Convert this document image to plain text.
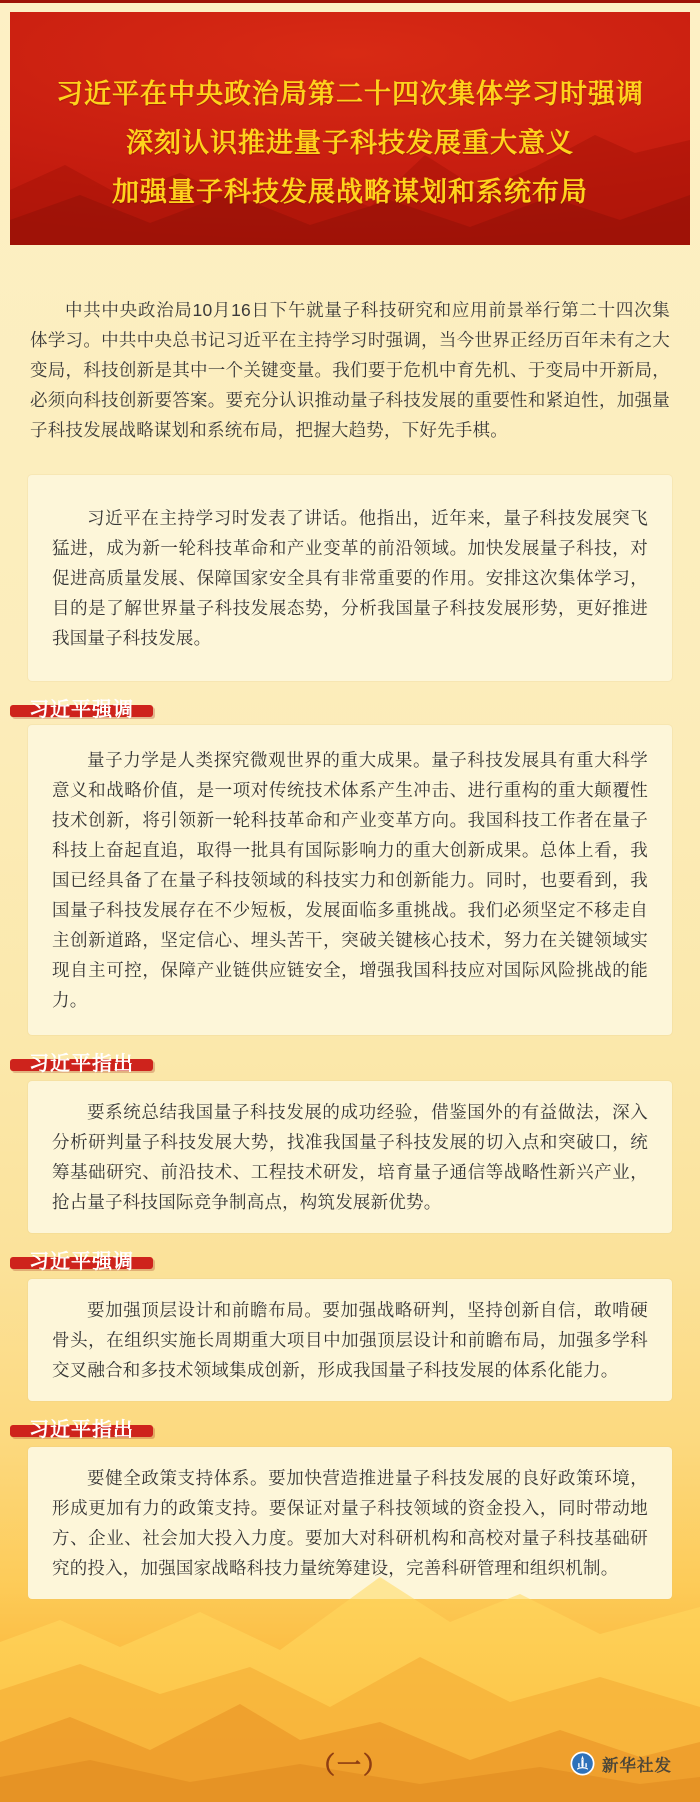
习近平在中央政治局第二十四次集体学习时强调
深刻认识推进量子科技发展重大意义
加强量子科技发展战略谋划和系统布局

中共中央政治局10月16日下午就量子科技研究和应用前景举行第二十四次集体学习。中共中央总书记习近平在主持学习时强调，当今世界正经历百年未有之大变局，科技创新是其中一个关键变量。我们要于危机中育先机、于变局中开新局，必须向科技创新要答案。要充分认识推动量子科技发展的重要性和紧迫性，加强量子科技发展战略谋划和系统布局，把握大趋势，下好先手棋。

习近平在主持学习时发表了讲话。他指出，近年来，量子科技发展突飞猛进，成为新一轮科技革命和产业变革的前沿领域。加快发展量子科技，对促进高质量发展、保障国家安全具有非常重要的作用。安排这次集体学习，目的是了解世界量子科技发展态势，分析我国量子科技发展形势，更好推进我国量子科技发展。

习近平强调

量子力学是人类探究微观世界的重大成果。量子科技发展具有重大科学意义和战略价值，是一项对传统技术体系产生冲击、进行重构的重大颠覆性技术创新，将引领新一轮科技革命和产业变革方向。我国科技工作者在量子科技上奋起直追，取得一批具有国际影响力的重大创新成果。总体上看，我国已经具备了在量子科技领域的科技实力和创新能力。同时，也要看到，我国量子科技发展存在不少短板，发展面临多重挑战。我们必须坚定不移走自主创新道路，坚定信心、埋头苦干，突破关键核心技术，努力在关键领域实现自主可控，保障产业链供应链安全，增强我国科技应对国际风险挑战的能力。

习近平指出

要系统总结我国量子科技发展的成功经验，借鉴国外的有益做法，深入分析研判量子科技发展大势，找准我国量子科技发展的切入点和突破口，统筹基础研究、前沿技术、工程技术研发，培育量子通信等战略性新兴产业，抢占量子科技国际竞争制高点，构筑发展新优势。

习近平强调

要加强顶层设计和前瞻布局。要加强战略研判，坚持创新自信，敢啃硬骨头，在组织实施长周期重大项目中加强顶层设计和前瞻布局，加强多学科交叉融合和多技术领域集成创新，形成我国量子科技发展的体系化能力。

习近平指出

要健全政策支持体系。要加快营造推进量子科技发展的良好政策环境，形成更加有力的政策支持。要保证对量子科技领域的资金投入，同时带动地方、企业、社会加大投入力度。要加大对科研机构和高校对量子科技基础研究的投入，加强国家战略科技力量统筹建设，完善科研管理和组织机制。

（一）	新华社发
